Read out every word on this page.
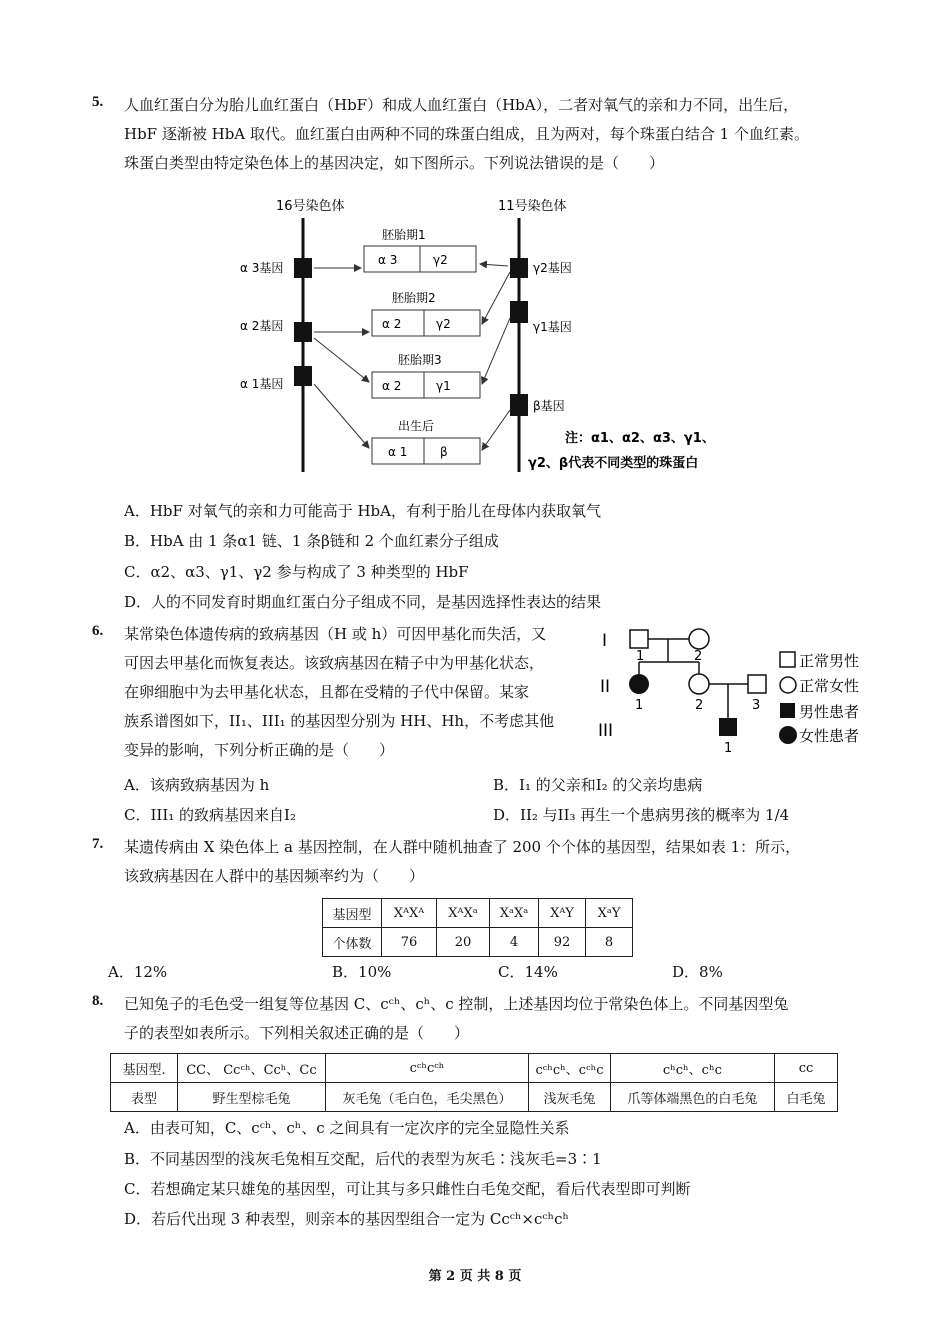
5. 人血红蛋白分为胎儿血红蛋白（HbF）和成人血红蛋白（HbA），二者对氧气的亲和力不同，出生后，
HbF 逐渐被 HbA 取代。血红蛋白由两种不同的珠蛋白组成，且为两对，每个珠蛋白结合 1 个血红素。
珠蛋白类型由特定染色体上的基因决定，如下图所示。下列说法错误的是（　　）
16号染色体	11号染色体
α 3基因
α 2基因
α 1基因
γ2基因
γ1基因
β基因
胚胎期1
α 3	γ2
胚胎期2
α 2	γ2
胚胎期3
α 2	γ1
出生后
α 1	β
注：α1、α2、α3、γ1、
γ2、β代表不同类型的珠蛋白
A．HbF 对氧气的亲和力可能高于 HbA，有利于胎儿在母体内获取氧气
B．HbA 由 1 条α1 链、1 条β链和 2 个血红素分子组成
C．α2、α3、γ1、γ2 参与构成了 3 种类型的 HbF
D．人的不同发育时期血红蛋白分子组成不同，是基因选择性表达的结果
6. 某常染色体遗传病的致病基因（H 或 h）可因甲基化而失活，又
可因去甲基化而恢复表达。该致病基因在精子中为甲基化状态，
在卵细胞中为去甲基化状态，且都在受精的子代中保留。某家
族系谱图如下，II₁、III₁ 的基因型分别为 HH、Hh，不考虑其他
变异的影响，下列分析正确的是（　　）
I
II
III
1	2
1	2	3
1
正常男性
正常女性
男性患者
女性患者
A．该病致病基因为 h	B．I₁ 的父亲和I₂ 的父亲均患病
C．III₁ 的致病基因来自I₂	D．II₂ 与II₃ 再生一个患病男孩的概率为 1/4
7. 某遗传病由 X 染色体上 a 基因控制，在人群中随机抽查了 200 个个体的基因型，结果如表 1：所示，
该致病基因在人群中的基因频率约为（　　）
基因型	XᴬXᴬ	XᴬXᵃ	XᵃXᵃ	XᴬY	XᵃY
个体数	76	20	4	92	8
A．12%	B．10%	C．14%	D．8%
8. 已知兔子的毛色受一组复等位基因 C、cᶜʰ、cʰ、c 控制，上述基因均位于常染色体上。不同基因型兔
子的表型如表所示。下列相关叙述正确的是（　　）
基因型.	CC、 Ccᶜʰ、Ccʰ、Cc	cᶜʰcᶜʰ	cᶜʰcʰ、cᶜʰc	cʰcʰ、cʰc	cc
表型	野生型棕毛兔	灰毛兔（毛白色，毛尖黑色）	浅灰毛兔	爪等体端黑色的白毛兔	白毛兔
A．由表可知，C、cᶜʰ、cʰ、c 之间具有一定次序的完全显隐性关系
B．不同基因型的浅灰毛兔相互交配，后代的表型为灰毛∶浅灰毛=3∶1
C．若想确定某只雄兔的基因型，可让其与多只雌性白毛兔交配，看后代表型即可判断
D．若后代出现 3 种表型，则亲本的基因型组合一定为 Ccᶜʰ×cᶜʰcʰ
第 2 页 共 8 页
